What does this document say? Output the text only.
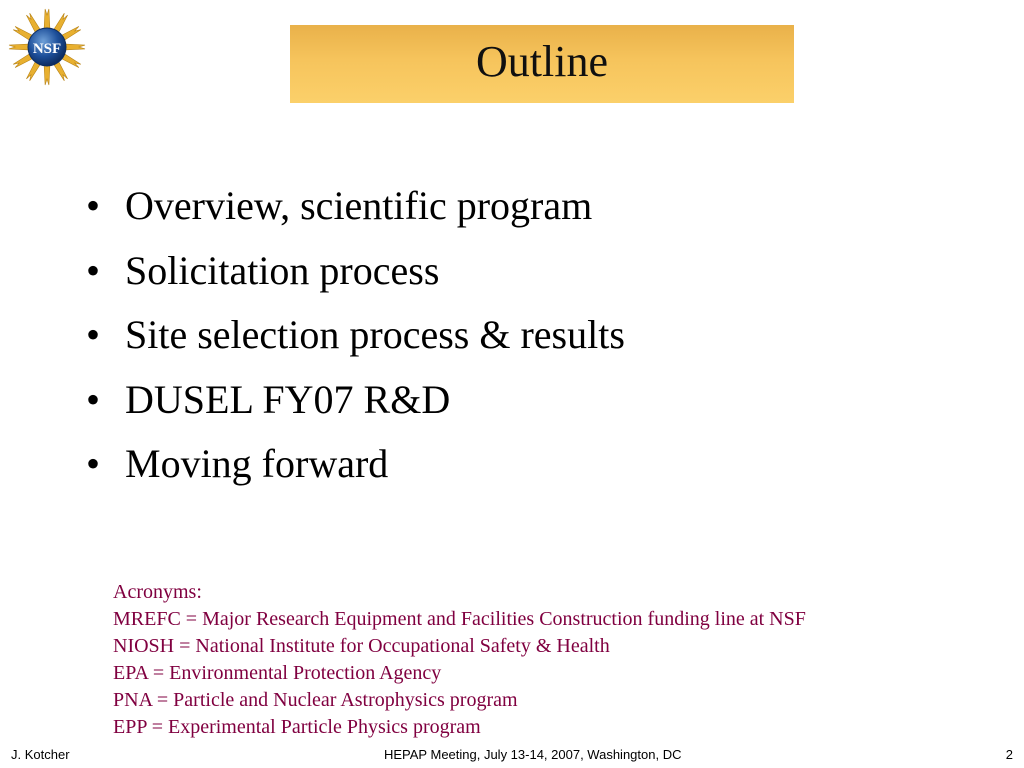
NSF	Outline
• Overview, scientific program
• Solicitation process
• Site selection process & results
• DUSEL FY07 R&D
• Moving forward
Acronyms:
MREFC = Major Research Equipment and Facilities Construction funding line at NSF
NIOSH = National Institute for Occupational Safety & Health
EPA = Environmental Protection Agency
PNA = Particle and Nuclear Astrophysics program
EPP = Experimental Particle Physics program
J. Kotcher	HEPAP Meeting, July 13-14, 2007, Washington, DC	2
